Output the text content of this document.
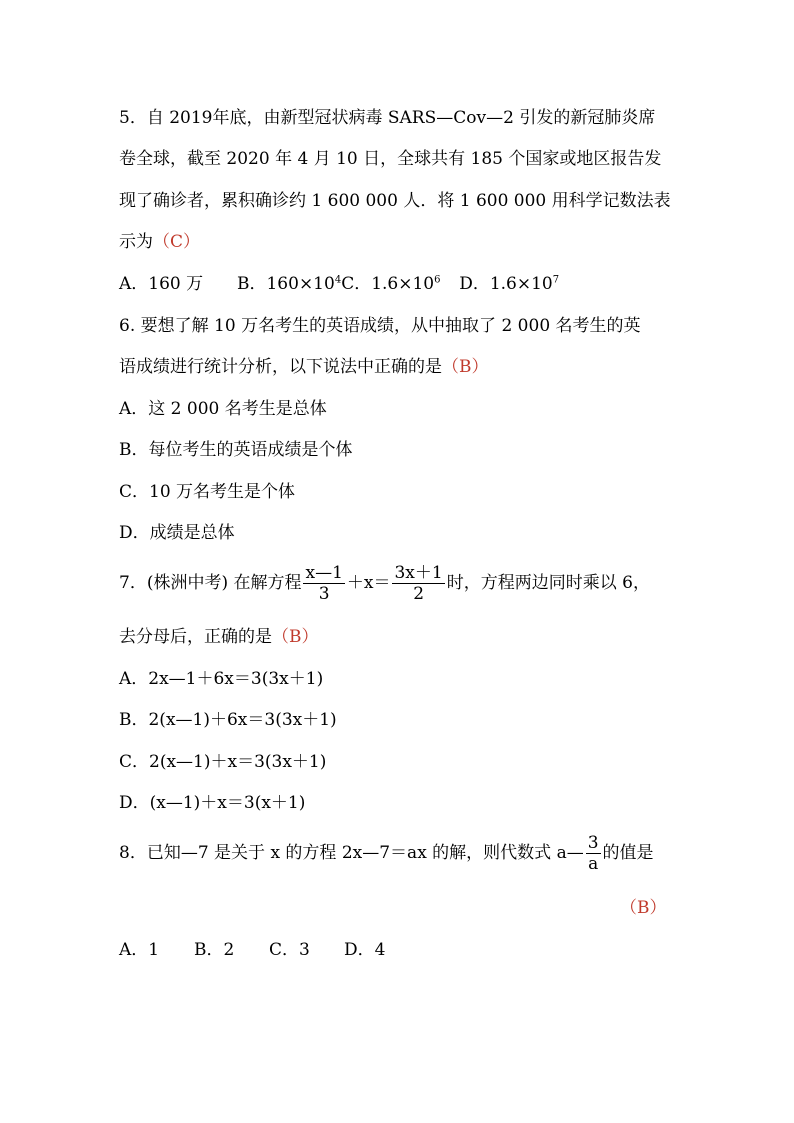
5．自 2019年底，由新型冠状病毒 SARS—Cov—2 引发的新冠肺炎席
卷全球，截至 2020 年 4 月 10 日，全球共有 185 个国家或地区报告发
现了确诊者，累积确诊约 1 600 000 人．将 1 600 000 用科学记数法表
示为（C）
A．160 万 B．$160\times 10^4C$．$1.6\times 10^6$ D．$1.6\times 10^7$
6. 要想了解 10 万名考生的英语成绩，从中抽取了 2 000 名考生的英
语成绩进行统计分析，以下说法中正确的是（B）
A．这 2 000 名考生是总体
B．每位考生的英语成绩是个体
C．10 万名考生是个体
D．成绩是总体
7．(株洲中考) 在解方程 $\frac{x—1}{3} +x= \frac{3x+1}{2}$ 时，方程两边同时乘以 6，
去分母后，正确的是（B）
A．2x—1＋6x＝3(3x＋1)
B．2(x—1)＋6x＝3(3x＋1)
C．2(x—1)＋x＝3(3x＋1)
D．(x—1)＋x＝3(x＋1)
8．已知—7 是关于 x 的方程 2x—7＝ax 的解，则代数式 a— $\frac{3}{a}$ 的值是
（B）
A．1 B．2 C．3 D．4
